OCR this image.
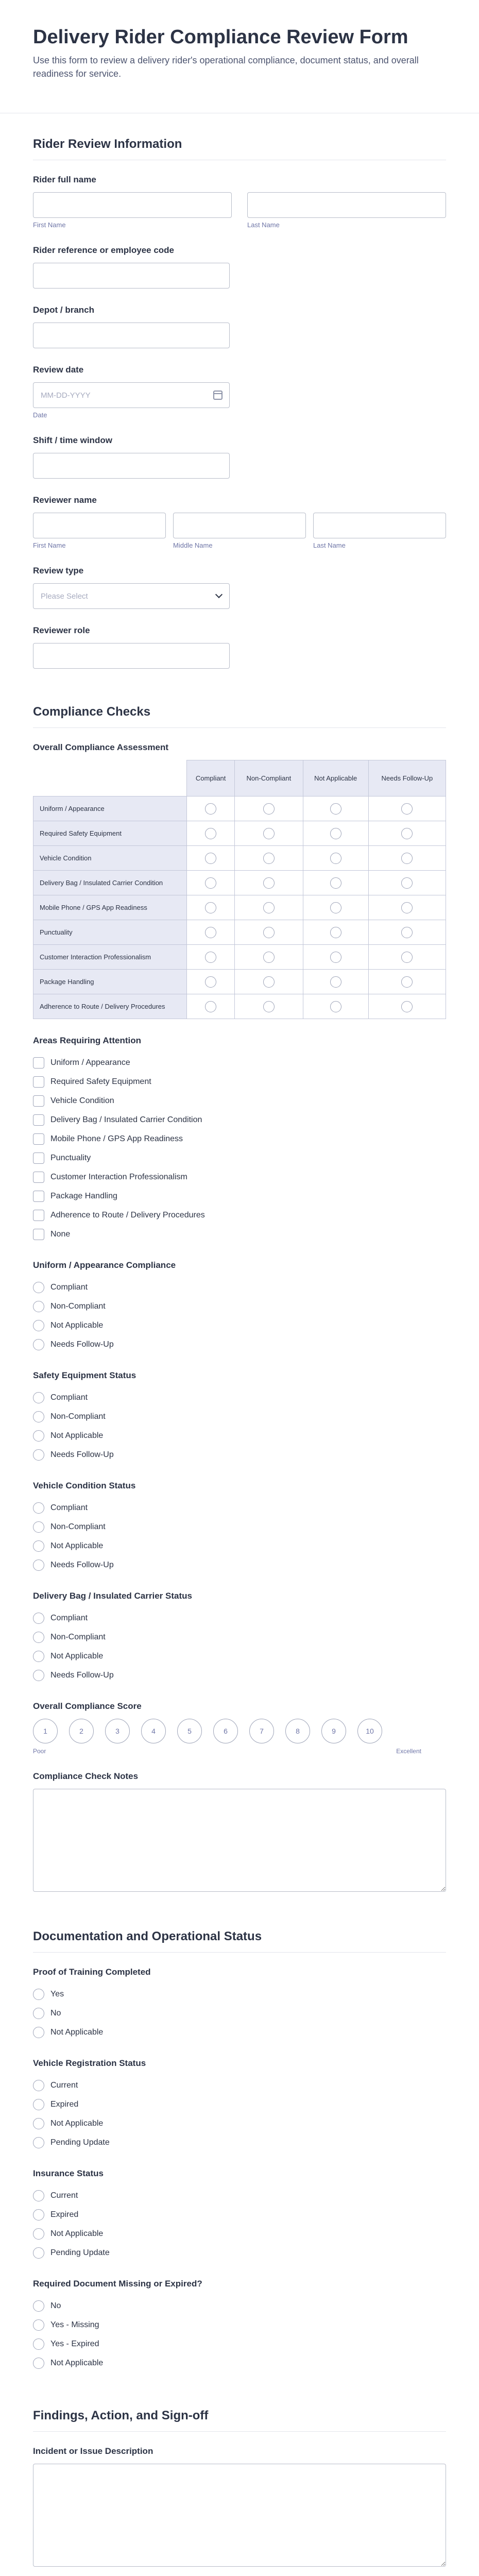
Delivery Rider Compliance Review Form

Use this form to review a delivery rider's operational compliance, document status, and overall readiness for service.

Rider Review Information
Rider full name
First Name	Last Name
Rider reference or employee code
Depot / branch
Review date
MM-DD-YYYY
Date
Shift / time window
Reviewer name
First Name	Middle Name	Last Name
Review type
Please Select
Reviewer role
Compliance Checks
Overall Compliance Assessment
	Compliant	Non-Compliant	Not Applicable	Needs Follow-Up
Uniform / Appearance				
Required Safety Equipment				
Vehicle Condition				
Delivery Bag / Insulated Carrier Condition				
Mobile Phone / GPS App Readiness				
Punctuality				
Customer Interaction Professionalism				
Package Handling				
Adherence to Route / Delivery Procedures				
Areas Requiring Attention
Uniform / Appearance
Required Safety Equipment
Vehicle Condition
Delivery Bag / Insulated Carrier Condition
Mobile Phone / GPS App Readiness
Punctuality
Customer Interaction Professionalism
Package Handling
Adherence to Route / Delivery Procedures
None
Uniform / Appearance Compliance
Compliant
Non-Compliant
Not Applicable
Needs Follow-Up
Safety Equipment Status
Compliant
Non-Compliant
Not Applicable
Needs Follow-Up
Vehicle Condition Status
Compliant
Non-Compliant
Not Applicable
Needs Follow-Up
Delivery Bag / Insulated Carrier Status
Compliant
Non-Compliant
Not Applicable
Needs Follow-Up
Overall Compliance Score
1	2	3	4	5	6	7	8	9	10
Poor	Excellent
Compliance Check Notes
Documentation and Operational Status
Proof of Training Completed
Yes
No
Not Applicable
Vehicle Registration Status
Current
Expired
Not Applicable
Pending Update
Insurance Status
Current
Expired
Not Applicable
Pending Update
Required Document Missing or Expired?
No
Yes - Missing
Yes - Expired
Not Applicable
Findings, Action, and Sign-off
Incident or Issue Description
